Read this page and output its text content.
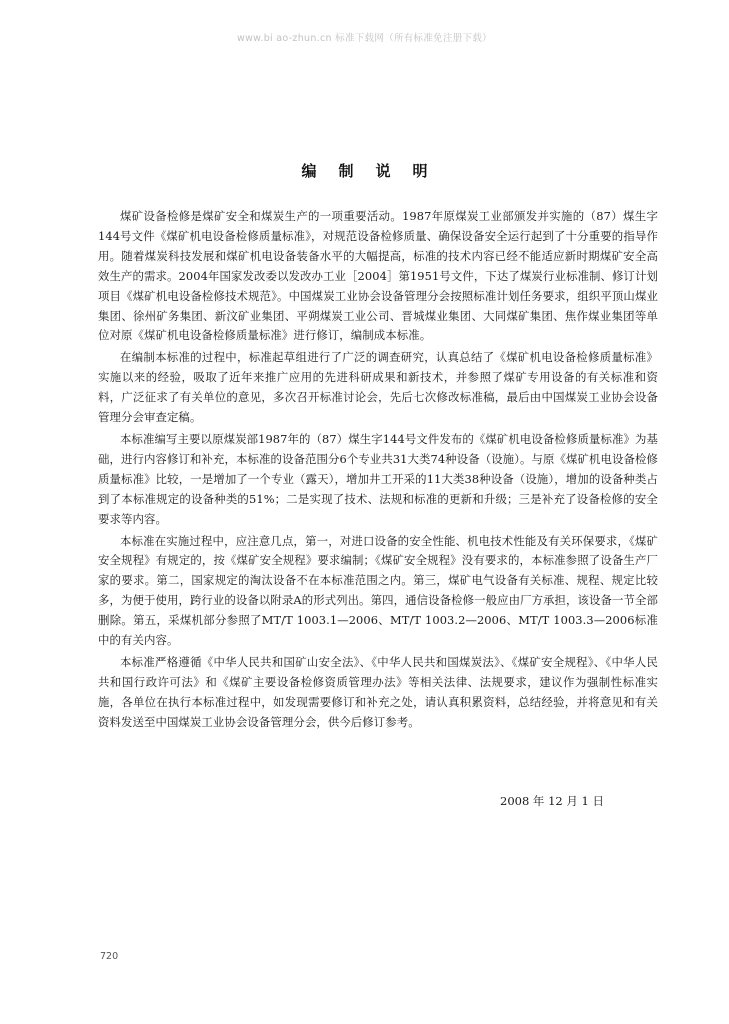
www.bi ao-zhun.cn 标准下载网（所有标准免注册下载）
编制说明

煤矿设备检修是煤矿安全和煤炭生产的一项重要活动。1987年原煤炭工业部颁发并实施的（87）煤生字144号文件《煤矿机电设备检修质量标准》，对规范设备检修质量、确保设备安全运行起到了十分重要的指导作用。随着煤炭科技发展和煤矿机电设备装备水平的大幅提高，标准的技术内容已经不能适应新时期煤矿安全高效生产的需求。2004年国家发改委以发改办工业［2004］第1951号文件，下达了煤炭行业标准制、修订计划项目《煤矿机电设备检修技术规范》。中国煤炭工业协会设备管理分会按照标准计划任务要求，组织平顶山煤业集团、徐州矿务集团、新汶矿业集团、平朔煤炭工业公司、晋城煤业集团、大同煤矿集团、焦作煤业集团等单位对原《煤矿机电设备检修质量标准》进行修订，编制成本标准。

在编制本标准的过程中，标准起草组进行了广泛的调查研究，认真总结了《煤矿机电设备检修质量标准》实施以来的经验，吸取了近年来推广应用的先进科研成果和新技术，并参照了煤矿专用设备的有关标准和资料，广泛征求了有关单位的意见，多次召开标准讨论会，先后七次修改标准稿，最后由中国煤炭工业协会设备管理分会审查定稿。

本标准编写主要以原煤炭部1987年的（87）煤生字144号文件发布的《煤矿机电设备检修质量标准》为基础，进行内容修订和补充，本标准的设备范围分6个专业共31大类74种设备（设施）。与原《煤矿机电设备检修质量标准》比较，一是增加了一个专业（露天），增加井工开采的11大类38种设备（设施），增加的设备种类占到了本标准规定的设备种类的51%；二是实现了技术、法规和标准的更新和升级；三是补充了设备检修的安全要求等内容。

本标准在实施过程中，应注意几点，第一，对进口设备的安全性能、机电技术性能及有关环保要求，《煤矿安全规程》有规定的，按《煤矿安全规程》要求编制；《煤矿安全规程》没有要求的，本标准参照了设备生产厂家的要求。第二，国家规定的淘汰设备不在本标准范围之内。第三，煤矿电气设备有关标准、规程、规定比较多，为便于使用，跨行业的设备以附录A的形式列出。第四，通信设备检修一般应由厂方承担，该设备一节全部删除。第五，采煤机部分参照了MT/T 1003.1—2006、MT/T 1003.2—2006、MT/T 1003.3—2006标准中的有关内容。

本标准严格遵循《中华人民共和国矿山安全法》、《中华人民共和国煤炭法》、《煤矿安全规程》、《中华人民共和国行政许可法》和《煤矿主要设备检修资质管理办法》等相关法律、法规要求，建议作为强制性标准实施，各单位在执行本标准过程中，如发现需要修订和补充之处，请认真积累资料，总结经验，并将意见和有关资料发送至中国煤炭工业协会设备管理分会，供今后修订参考。

2008 年 12 月 1 日
720
